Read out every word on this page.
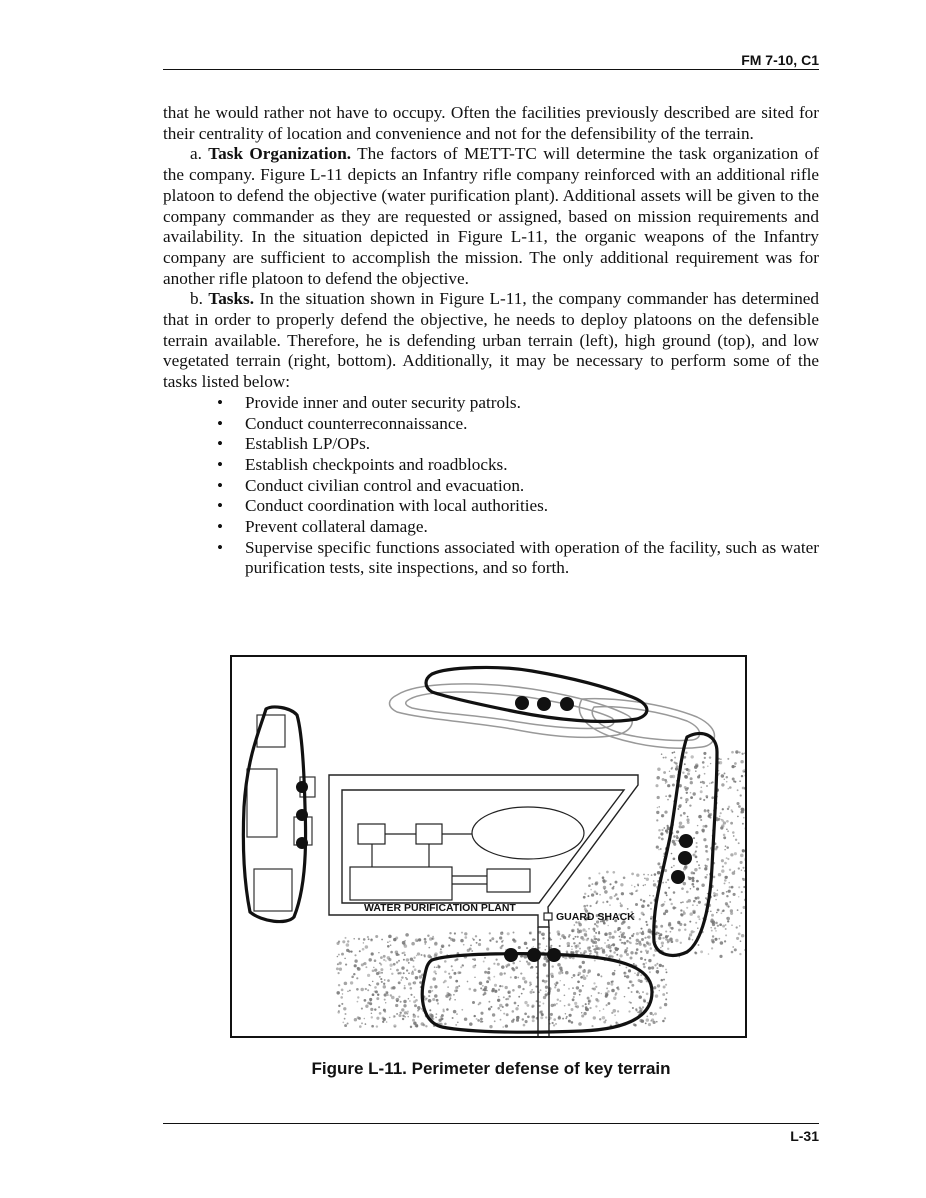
FM 7-10, C1

that he would rather not have to occupy. Often the facilities previously described are sited for their centrality of location and convenience and not for the defensibility of the terrain.

a. Task Organization. The factors of METT-TC will determine the task organization of the company. Figure L-11 depicts an Infantry rifle company reinforced with an additional rifle platoon to defend the objective (water purification plant). Additional assets will be given to the company commander as they are requested or assigned, based on mission requirements and availability. In the situation depicted in Figure L-11, the organic weapons of the Infantry company are sufficient to accomplish the mission. The only additional requirement was for another rifle platoon to defend the objective.

b. Tasks. In the situation shown in Figure L-11, the company commander has determined that in order to properly defend the objective, he needs to deploy platoons on the defensible terrain available. Therefore, he is defending urban terrain (left), high ground (top), and low vegetated terrain (right, bottom). Additionally, it may be necessary to perform some of the tasks listed below:

• Provide inner and outer security patrols.
• Conduct counterreconnaissance.
• Establish LP/OPs.
• Establish checkpoints and roadblocks.
• Conduct civilian control and evacuation.
• Conduct coordination with local authorities.
• Prevent collateral damage.
• Supervise specific functions associated with operation of the facility, such as water purification tests, site inspections, and so forth.
WATER PURIFICATION PLANT
GUARD SHACK
Figure L-11. Perimeter defense of key terrain
L-31
